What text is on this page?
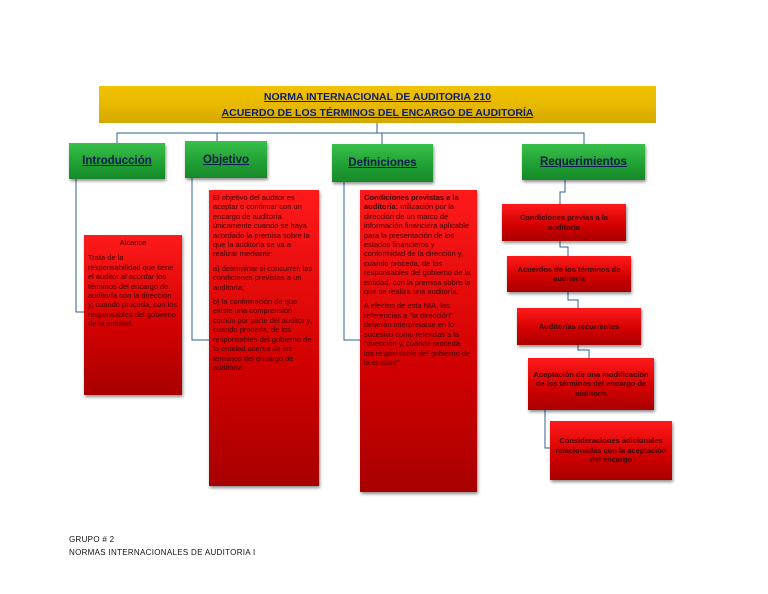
NORMA INTERNACIONAL DE AUDITORIA 210
ACUERDO DE LOS TÉRMINOS DEL ENCARGO DE AUDITORÍA
Introducción	Objetivo	Definiciones	Requerimientos
Alcance
Trata de la responsabilidad que tiene el auditor al acordar los términos del encargo de auditoría con la dirección y, cuando proceda, con los responsables del gobierno de la entidad.

El objetivo del auditor es aceptar o continuar con un encargo de auditoría únicamente cuando se haya acordado la premisa sobre la que la auditoría se va a realizar mediante:

a) determinar si concurren las condiciones previstas a un auditoría;

b) la confirmación de que existe una comprensión común por parte del auditor y, cuando proceda, de los responsables del gobierno de la entidad acerca de los términos del encargo de auditoría.

Condiciones previstas a la auditoría: utilización por la dirección de un marco de información financiera aplicable para la presentación de los estados financieros y conformidad de la dirección y, cuando proceda, de los responsables del gobierno de la entidad, con la premisa sobre la que se realiza una auditoría.

A efectos de esta NIA, las referencias a "la dirección" deberán interpretarse en lo sucesivo como referidas a la "dirección y, cuando proceda, los responsable del gobierno de la entidad"

Condiciones previas a la auditoría
Acuerdos de los términos de auditoría
Auditorías recurrentes
Aceptación de una modificación de los términos del encargo de auditoría
Consideraciones adicionales relacionadas con la aceptación del encargo
GRUPO # 2
NORMAS INTERNACIONALES DE AUDITORIA I
